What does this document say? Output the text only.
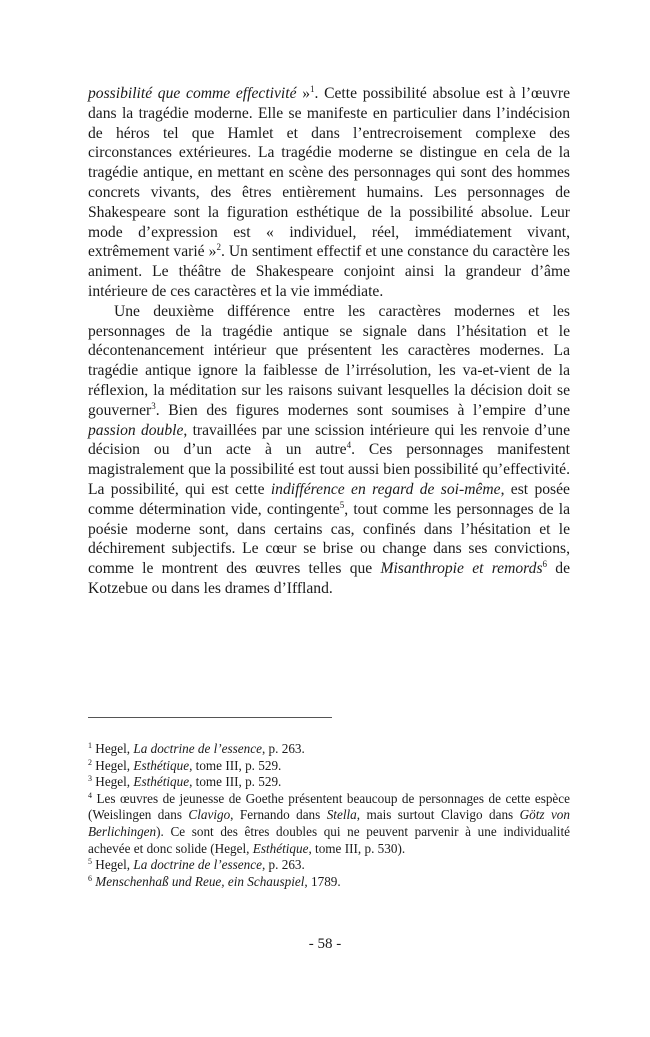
possibilité que comme effectivité »$^1$. Cette possibilité absolue est à l’œuvre dans la tragédie moderne. Elle se manifeste en particulier dans l’indécision de héros tel que Hamlet et dans l’entrecroisement complexe des circonstances extérieures. La tragédie moderne se distingue en cela de la tragédie antique, en mettant en scène des personnages qui sont des hommes concrets vivants, des êtres entièrement humains. Les personnages de Shakespeare sont la figuration esthétique de la possibilité absolue. Leur mode d’expression est « individuel, réel, immédiatement vivant, extrêmement varié »$^2$. Un sentiment effectif et une constance du caractère les animent. Le théâtre de Shakespeare conjoint ainsi la grandeur d’âme intérieure de ces caractères et la vie immédiate.

Une deuxième différence entre les caractères modernes et les personnages de la tragédie antique se signale dans l’hésitation et le décontenancement intérieur que présentent les caractères modernes. La tragédie antique ignore la faiblesse de l’irrésolution, les va-et-vient de la réflexion, la méditation sur les raisons suivant lesquelles la décision doit se gouverner$^3$. Bien des figures modernes sont soumises à l’empire d’une passion double, travaillées par une scission intérieure qui les renvoie d’une décision ou d’un acte à un autre$^4$. Ces personnages manifestent magistralement que la possibilité est tout aussi bien possibilité qu’effectivité. La possibilité, qui est cette indifférence en regard de soi-même, est posée comme détermination vide, contingente$^5$, tout comme les personnages de la poésie moderne sont, dans certains cas, confinés dans l’hésitation et le déchirement subjectifs. Le cœur se brise ou change dans ses convictions, comme le montrent des œuvres telles que Misanthropie et remords$^6$ de Kotzebue ou dans les drames d’Iffland.

$^1$ Hegel, La doctrine de l’essence, p. 263.

$^2$ Hegel, Esthétique, tome III, p. 529.

$^3$ Hegel, Esthétique, tome III, p. 529.

$^4$ Les œuvres de jeunesse de Goethe présentent beaucoup de personnages de cette espèce (Weislingen dans Clavigo, Fernando dans Stella, mais surtout Clavigo dans Götz von Berlichingen). Ce sont des êtres doubles qui ne peuvent parvenir à une individualité achevée et donc solide (Hegel, Esthétique, tome III, p. 530).

$^5$ Hegel, La doctrine de l’essence, p. 263.

$^6$ Menschenhaß und Reue, ein Schauspiel, 1789.

- 58 -
